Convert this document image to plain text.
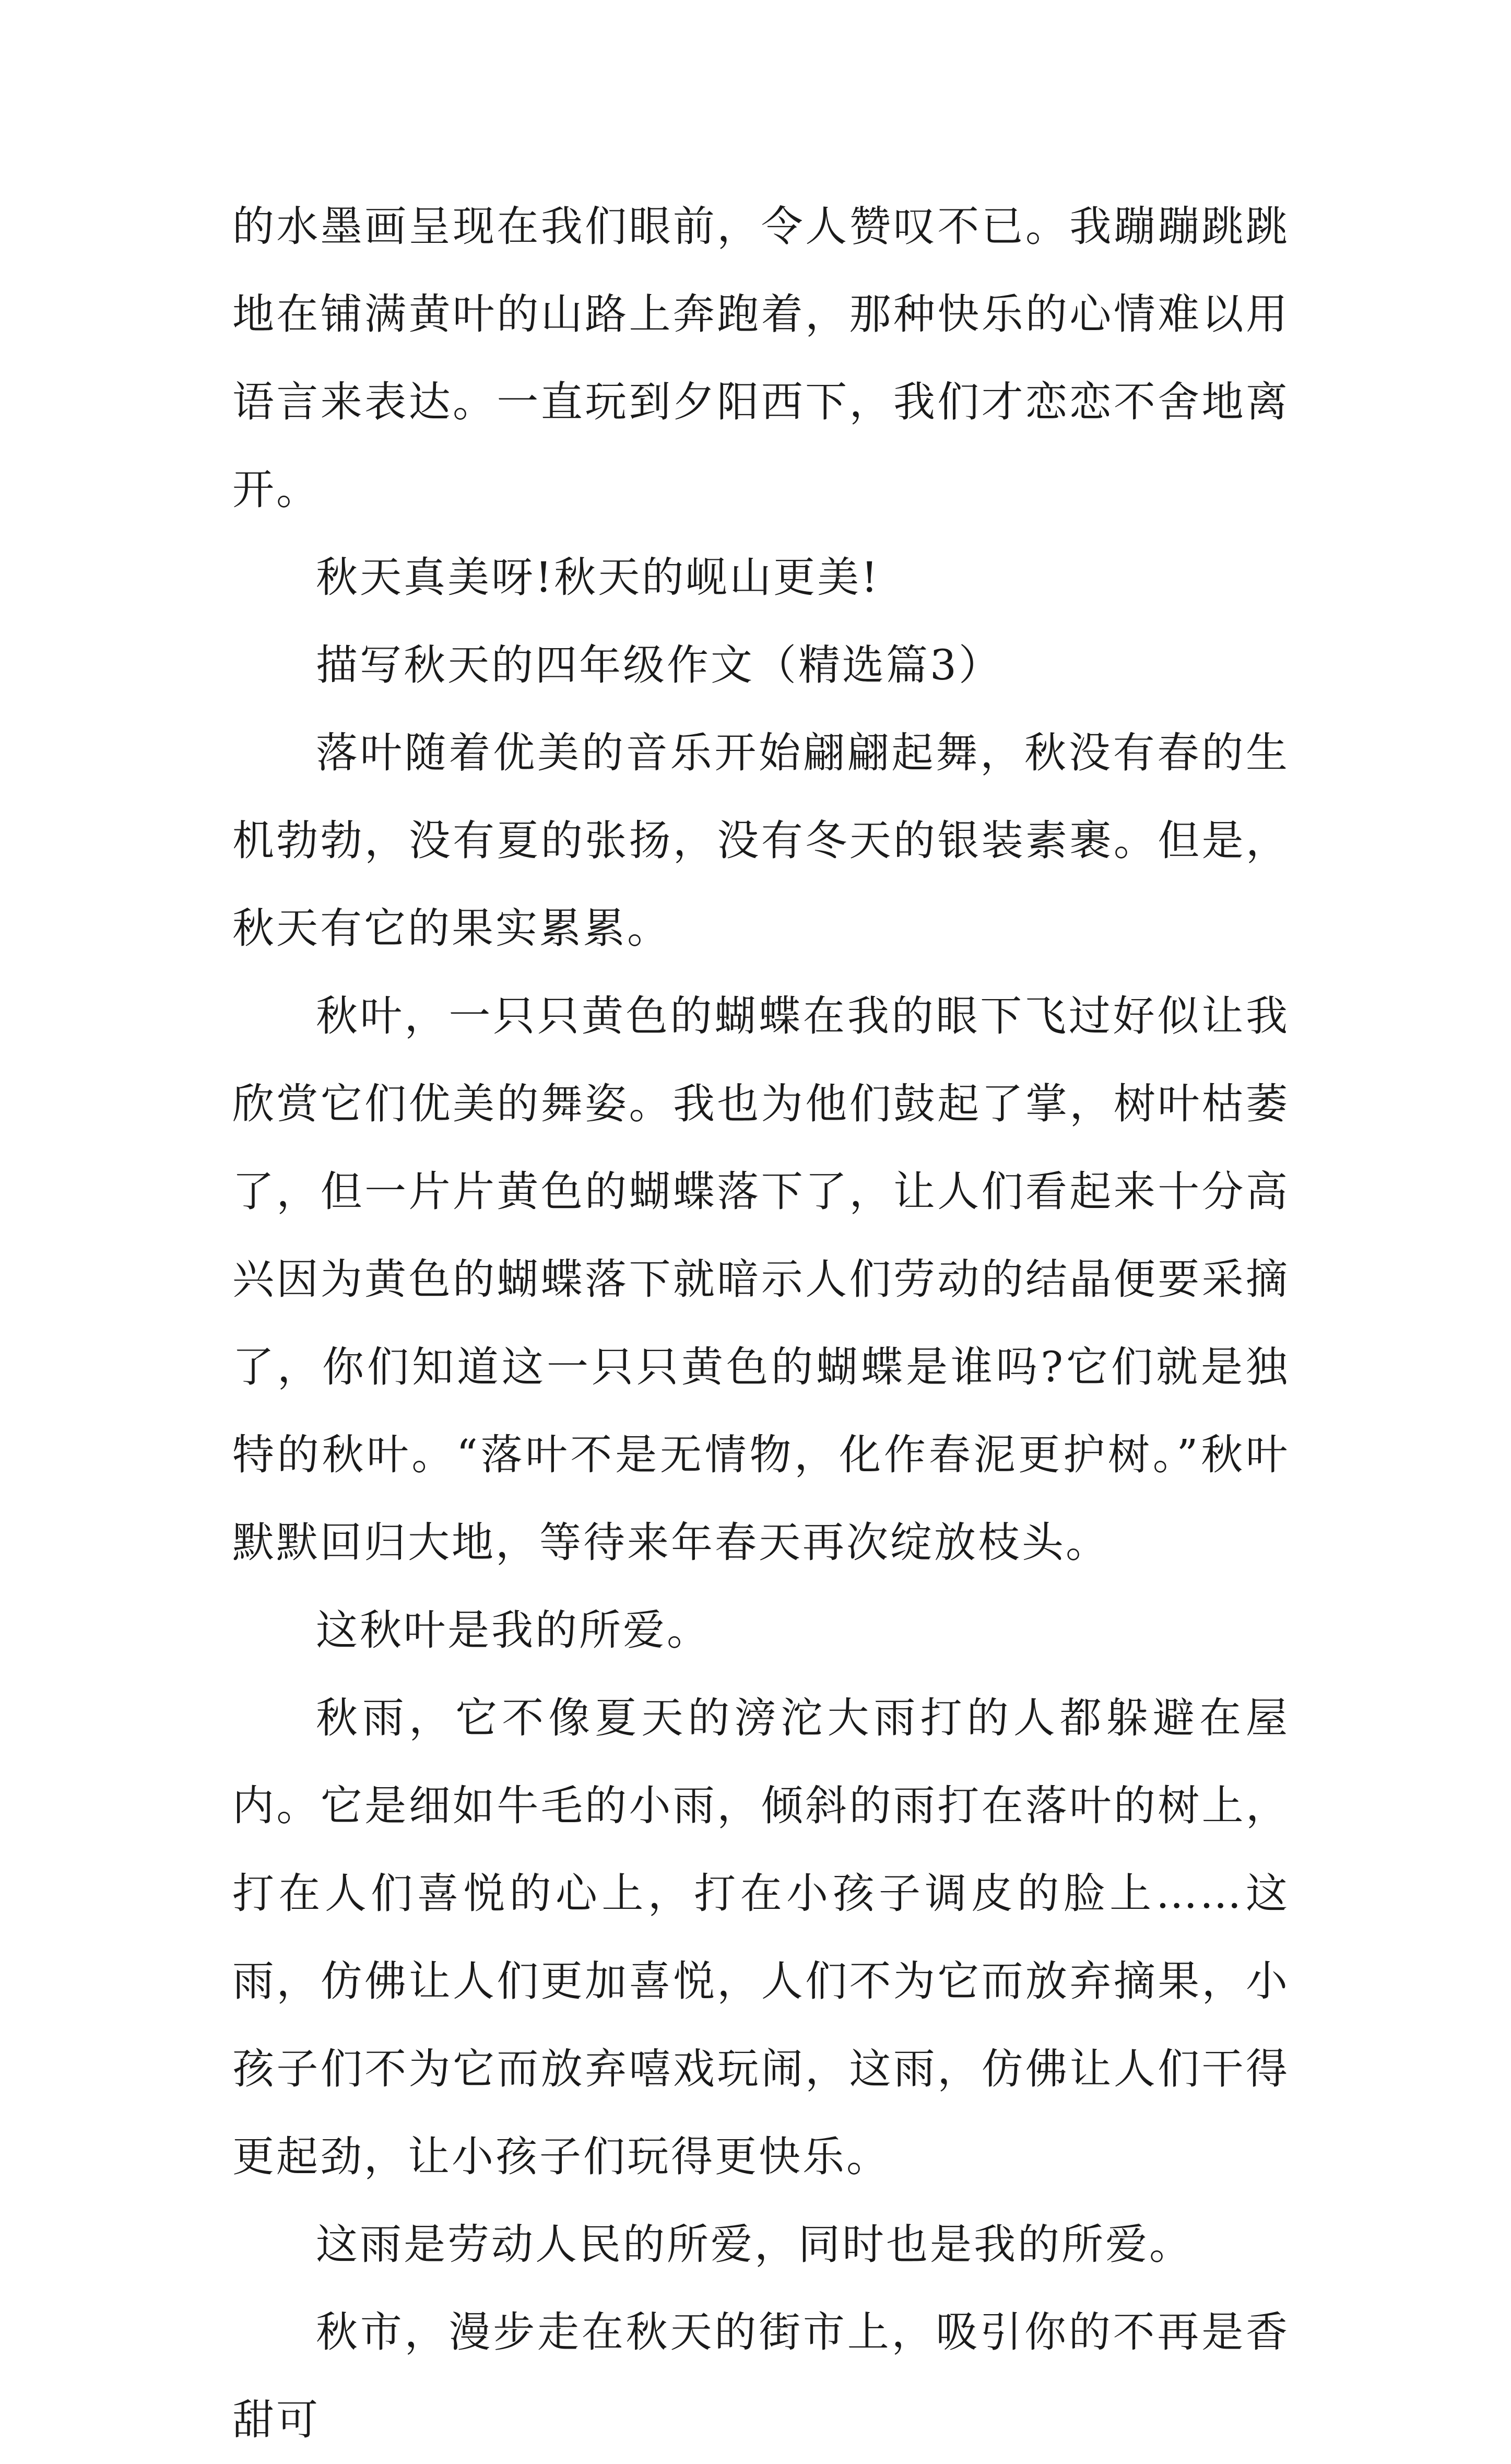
的水墨画呈现在我们眼前，令人赞叹不已。我蹦蹦跳跳地在铺满黄叶的山路上奔跑着，那种快乐的心情难以用语言来表达。一直玩到夕阳西下，我们才恋恋不舍地离开。

秋天真美呀!秋天的岘山更美!

描写秋天的四年级作文（精选篇3）

落叶随着优美的音乐开始翩翩起舞，秋没有春的生机勃勃，没有夏的张扬，没有冬天的银装素裹。但是，秋天有它的果实累累。

秋叶，一只只黄色的蝴蝶在我的眼下飞过好似让我欣赏它们优美的舞姿。我也为他们鼓起了掌，树叶枯萎了，但一片片黄色的蝴蝶落下了，让人们看起来十分高兴因为黄色的蝴蝶落下就暗示人们劳动的结晶便要采摘了，你们知道这一只只黄色的蝴蝶是谁吗?它们就是独特的秋叶。“落叶不是无情物，化作春泥更护树。”秋叶默默回归大地，等待来年春天再次绽放枝头。

这秋叶是我的所爱。

秋雨，它不像夏天的滂沱大雨打的人都躲避在屋内。它是细如牛毛的小雨，倾斜的雨打在落叶的树上，打在人们喜悦的心上，打在小孩子调皮的脸上……这雨，仿佛让人们更加喜悦，人们不为它而放弃摘果，小孩子们不为它而放弃嘻戏玩闹，这雨，仿佛让人们干得更起劲，让小孩子们玩得更快乐。

这雨是劳动人民的所爱，同时也是我的所爱。

秋市，漫步走在秋天的街市上，吸引你的不再是香甜可
